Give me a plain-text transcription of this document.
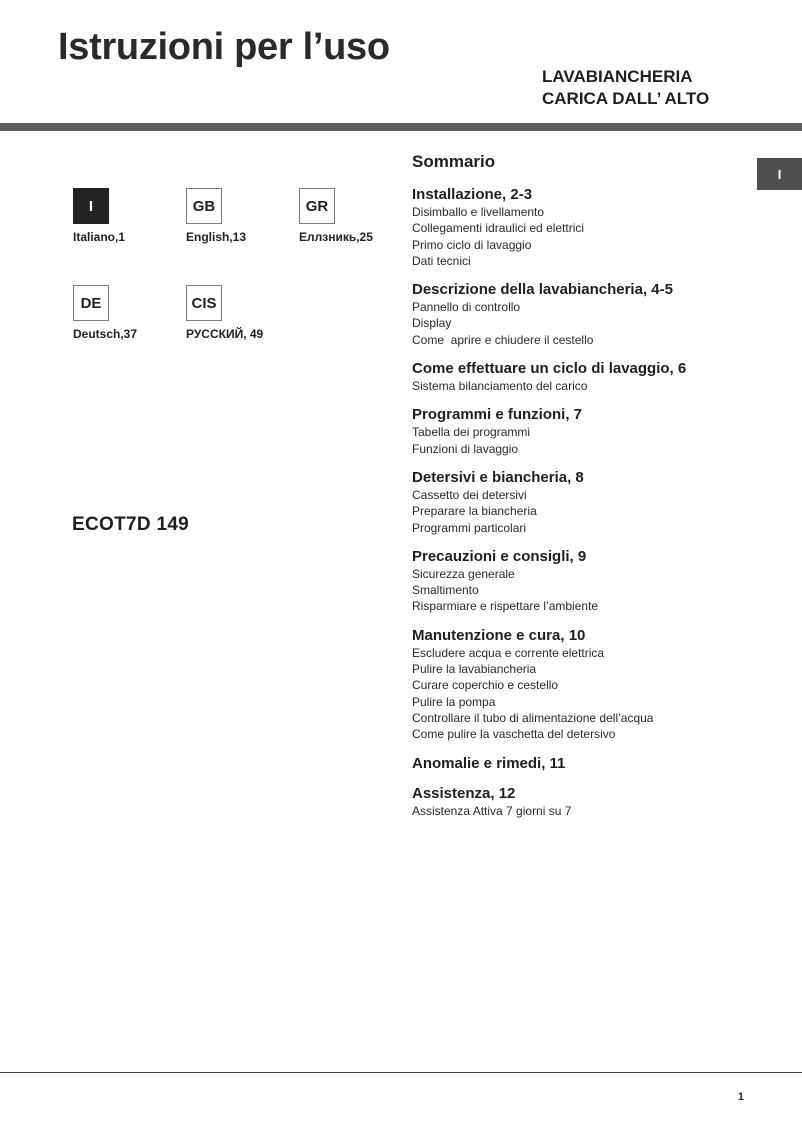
Istruzioni per l’uso
LAVABIANCHERIA
CARICA DALL’ ALTO
I
I
Italiano,1
GB
English,13
GR
Еллзникь,25
DE
Deutsch,37
CIS
РУССКИЙ, 49
ECOT7D 149
Sommario
Installazione, 2-3
Disimballo e livellamento
Collegamenti idraulici ed elettrici
Primo ciclo di lavaggio
Dati tecnici
Descrizione della lavabiancheria, 4-5
Pannello di controllo
Display
Come  aprire e chiudere il cestello
Come effettuare un ciclo di lavaggio, 6
Sistema bilanciamento del carico
Programmi e funzioni, 7
Tabella dei programmi
Funzioni di lavaggio
Detersivi e biancheria, 8
Cassetto dei detersivi
Preparare la biancheria
Programmi particolari
Precauzioni e consigli, 9
Sicurezza generale
Smaltimento
Risparmiare e rispettare l’ambiente
Manutenzione e cura, 10
Escludere acqua e corrente elettrica
Pulire la lavabiancheria
Curare coperchio e cestello
Pulire la pompa
Controllare il tubo di alimentazione dell’acqua
Come pulire la vaschetta del detersivo
Anomalie e rimedi, 11
Assistenza, 12
Assistenza Attiva 7 giorni su 7
1
